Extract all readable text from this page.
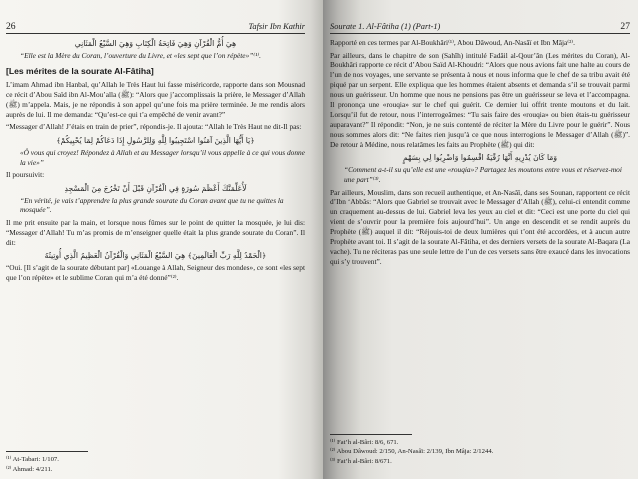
26	Tafsir Ibn Kathir
هِيَ أُمُّ الْقُرْآنِ وَهِيَ فَاتِحَةُ الْكِتَابِ وَهِيَ السَّبْعُ الْمَثَانِي
“Elle est la Mère du Coran, l’ouverture du Livre, et «les sept que l’on répète»”⁽¹⁾.
[Les mérites de la sourate Al-Fâtiha]

L’imam Ahmad ibn Hanbal, qu’Allah le Très Haut lui fasse miséricorde, rapporte dans son Mousnad ce récit d’Abou Saïd ibn Al-Mou’alla (ﷺ): “Alors que j’accomplissais la prière, le Messager d’Allah (ﷺ) m’appela. Mais, je ne répondis à son appel qu’une fois ma prière terminée. Je me rendis alors auprès de lui. Il me demanda: “Qu’est-ce qui t’a empêché de venir avant?”

“Messager d’Allah! J’étais en train de prier”, répondis-je. Il ajouta: “Allah le Très Haut ne dit-Il pas:

﴿يَا أَيُّهَا الَّذِينَ آمَنُوا اسْتَجِيبُوا لِلَّهِ وَلِلرَّسُولِ إِذَا دَعَاكُمْ لِمَا يُحْيِيكُمْ﴾
«Ô vous qui croyez! Répondez à Allah et au Messager lorsqu’il vous appelle à ce qui vous donne la vie»”

Il poursuivit:

لَأُعَلِّمَنَّكَ أَعْظَمَ سُورَةٍ فِي الْقُرْآنِ قَبْلَ أَنْ تَخْرُجَ مِنَ الْمَسْجِدِ
“En vérité, je vais t’apprendre la plus grande sourate du Coran avant que tu ne quittes la mosquée”.

Il me prit ensuite par la main, et lorsque nous fûmes sur le point de quitter la mosquée, je lui dis: “Messager d’Allah! Tu m’as promis de m’enseigner quelle était la plus grande sourate du Coran”. Il dit:

﴿الْحَمْدُ لِلَّهِ رَبِّ الْعَالَمِينَ﴾ هِيَ السَّبْعُ الْمَثَانِي وَالْقُرْآنُ الْعَظِيمُ الَّذِي أُوتِيتُهُ

“Oui. [Il s’agit de la sourate débutant par] «Louange à Allah, Seigneur des mondes», ce sont «les sept que l’on répète» et le sublime Coran qui m’a été donné”⁽²⁾.

⁽¹⁾ At-Tabari: 1/107.
⁽²⁾ Ahmad: 4/211.
Sourate 1. Al-Fâtiha (1) (Part-1)	27

Rapporté en ces termes par Al-Boukhâri⁽¹⁾, Abou Dâwoud, An-Nasâï et Ibn Mâja⁽²⁾.

Par ailleurs, dans le chapitre de son (Sahîh) intitulé Fadâil al-Qour’ân (Les mérites du Coran), Al-Boukhâri rapporte ce récit d’Abou Saïd Al-Khoudri: “Alors que nous avions fait une halte au cours de l’un de nos voyages, une servante se présenta à nous et nous informa que le chef de sa tribu avait été piqué par un serpent. Elle expliqua que les hommes étaient absents et demanda s’il se trouvait parmi nous un guérisseur. Un homme que nous ne pensions pas être un guérisseur se leva et l’accompagna. Il prononça une «rouqia» sur le chef qui guérit. Ce dernier lui offrit trente moutons et du lait. Lorsqu’il fut de retour, nous l’interrogeâmes: “Tu sais faire des «rouqia» ou bien étais-tu guérisseur auparavant?” Il répondit: “Non, je ne suis contenté de réciter la Mère du Livre pour le guérir”. Nous nous sommes alors dit: “Ne faites rien jusqu’à ce que nous interrogions le Messager d’Allah (ﷺ)”. De retour à Médine, nous relatâmes les faits au Prophète (ﷺ) qui dit:

وَمَا كَانَ يُدْرِيهِ أَنَّهَا رُقْيَةٌ اقْسِمُوا وَاضْرِبُوا لِي بِسَهْمٍ
“Comment a-t-il su qu’elle est une «rouqia»? Partagez les moutons entre vous et réservez-moi une part”⁽³⁾.

Par ailleurs, Mouslim, dans son recueil authentique, et An-Nasâï, dans ses Sounan, rapportent ce récit d’Ibn ‘Abbâs: “Alors que Gabriel se trouvait avec le Messager d’Allah (ﷺ), celui-ci entendit comme un craquement au-dessus de lui. Gabriel leva les yeux au ciel et dit: “Ceci est une porte du ciel qui vient de s’ouvrir pour la première fois aujourd’hui”. Un ange en descendit et se rendit auprès du Prophète (ﷺ) auquel il dit: “Réjouis-toi de deux lumières qui t’ont été accordées, et à aucun autre Prophète avant toi. Il s’agit de la sourate Al-Fâtiha, et des derniers versets de la sourate Al-Baqara (La vache). Tu ne réciteras pas une seule lettre de l’un de ces versets sans être exaucé dans les invocations qui s’y trouvent”.

⁽¹⁾ Fat’h al-Bâri: 8/6, 671.
⁽²⁾ Abou Dâwoud: 2/150, An-Nasâï: 2/139, Ibn Mâja: 2/1244.
⁽³⁾ Fat’h al-Bâri: 8/671.
